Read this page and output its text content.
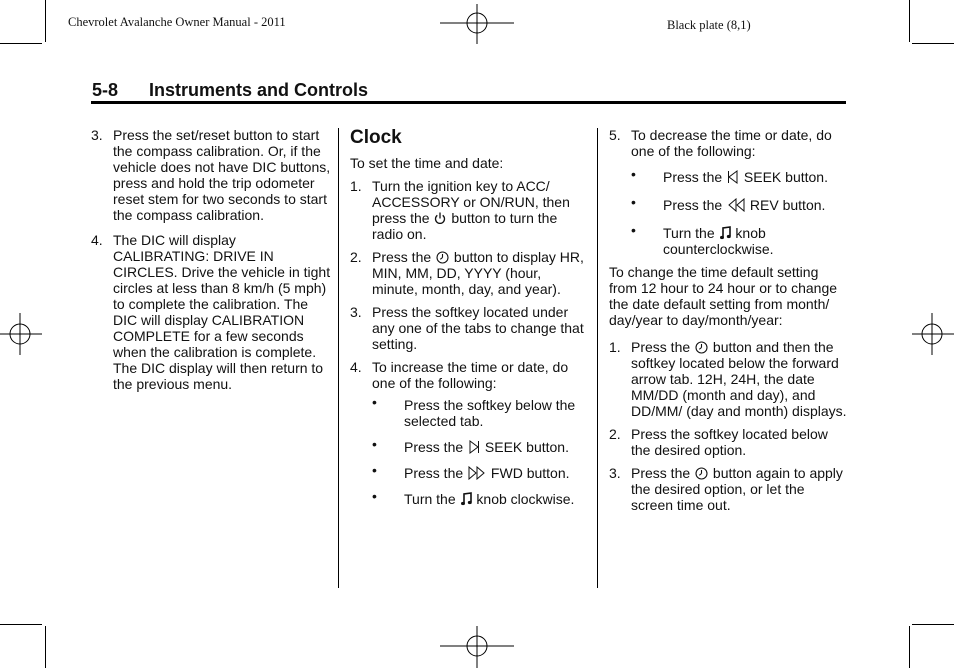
Chevrolet Avalanche Owner Manual - 2011	Black plate (8,1)
5-8 Instruments and Controls
3. Press the set/reset button to start the compass calibration. Or, if the vehicle does not have DIC buttons, press and hold the trip odometer reset stem for two seconds to start the compass calibration.
4. The DIC will display CALIBRATING: DRIVE IN CIRCLES. Drive the vehicle in tight circles at less than 8 km/h (5 mph) to complete the calibration. The DIC will display CALIBRATION COMPLETE for a few seconds when the calibration is complete. The DIC display will then return to the previous menu.
Clock
To set the time and date:
1. Turn the ignition key to ACC/ ACCESSORY or ON/RUN, then press the button to turn the radio on.
2. Press the button to display HR, MIN, MM, DD, YYYY (hour, minute, month, day, and year).
3. Press the softkey located under any one of the tabs to change that setting.
4. To increase the time or date, do one of the following:
• Press the softkey below the selected tab.
• Press the SEEK button.
• Press the FWD button.
• Turn the knob clockwise.
5. To decrease the time or date, do one of the following:
• Press the SEEK button.
• Press the REV button.
• Turn the knob counterclockwise.
To change the time default setting from 12 hour to 24 hour or to change the date default setting from month/ day/year to day/month/year:
1. Press the button and then the softkey located below the forward arrow tab. 12H, 24H, the date MM/DD (month and day), and DD/MM/ (day and month) displays.
2. Press the softkey located below the desired option.
3. Press the button again to apply the desired option, or let the screen time out.
